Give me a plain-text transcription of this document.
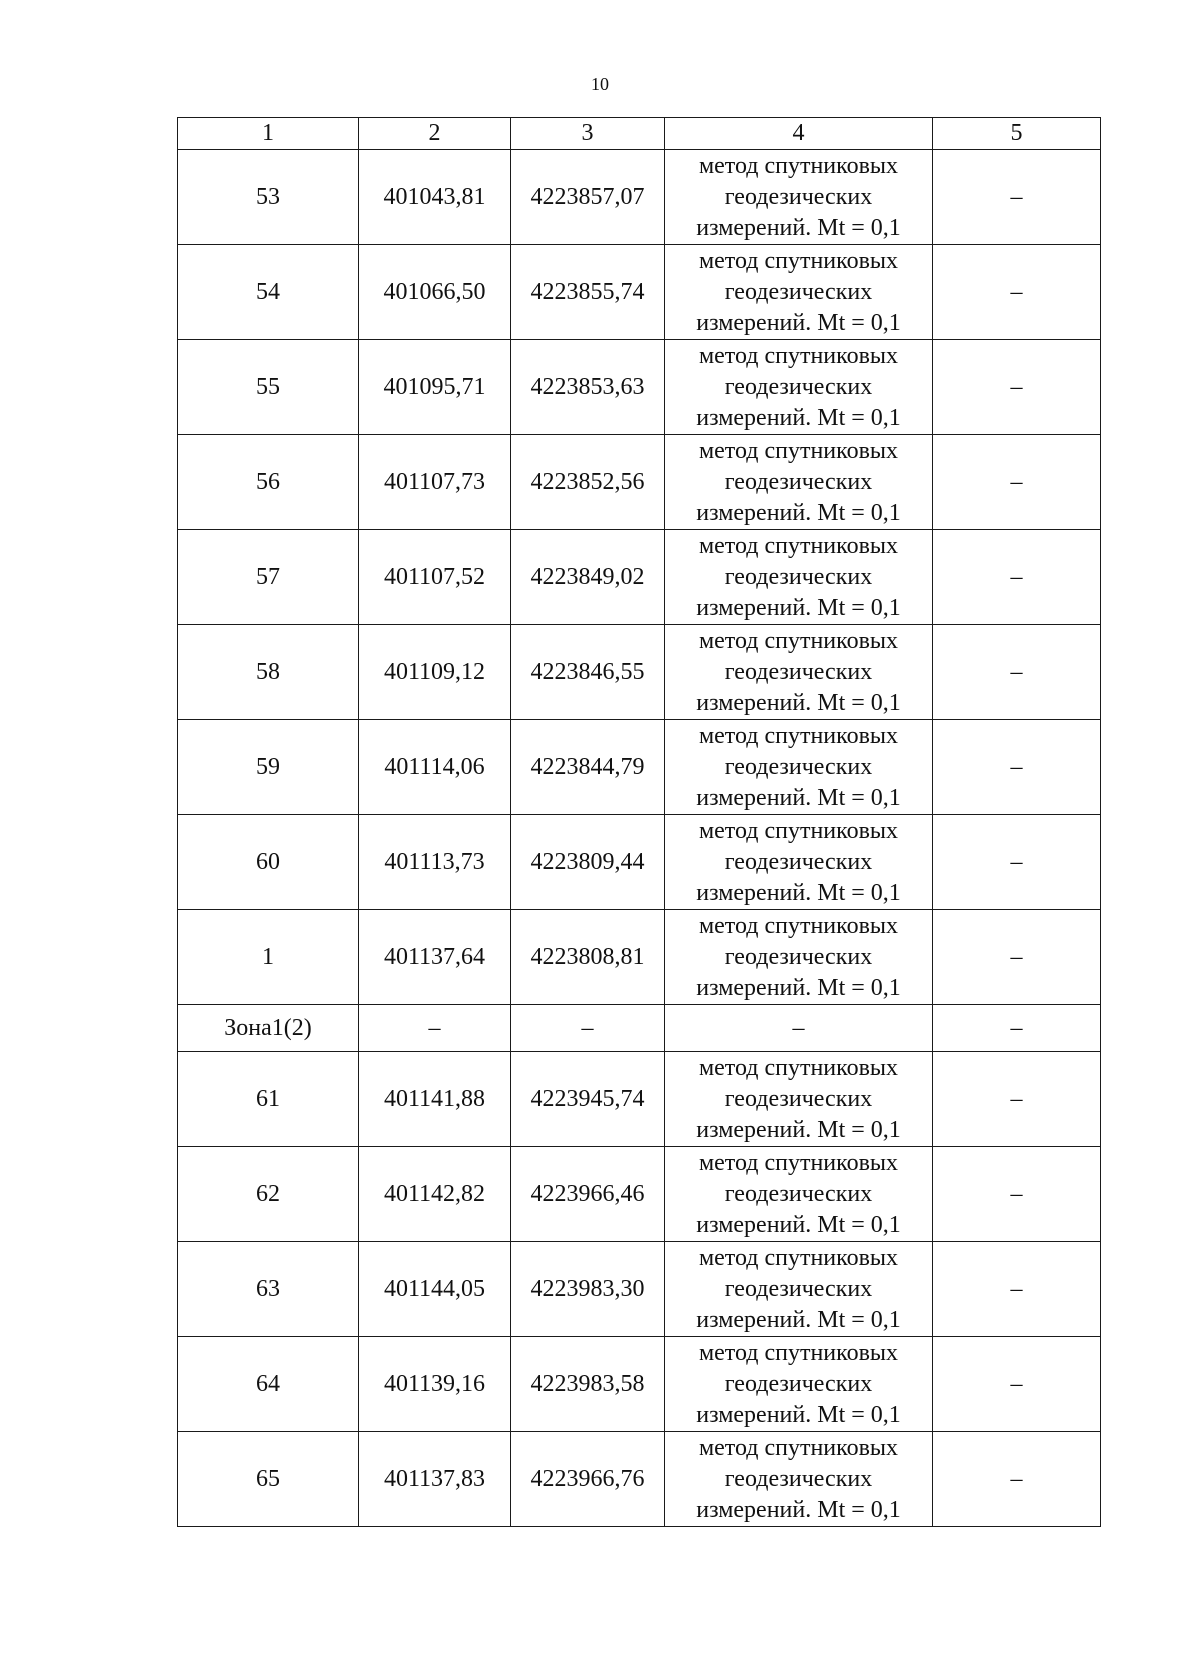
10
1	2	3	4	5
53	401043,81	4223857,07	метод спутниковых геодезических измерений. Mt = 0,1	–
54	401066,50	4223855,74	метод спутниковых геодезических измерений. Mt = 0,1	–
55	401095,71	4223853,63	метод спутниковых геодезических измерений. Mt = 0,1	–
56	401107,73	4223852,56	метод спутниковых геодезических измерений. Mt = 0,1	–
57	401107,52	4223849,02	метод спутниковых геодезических измерений. Mt = 0,1	–
58	401109,12	4223846,55	метод спутниковых геодезических измерений. Mt = 0,1	–
59	401114,06	4223844,79	метод спутниковых геодезических измерений. Mt = 0,1	–
60	401113,73	4223809,44	метод спутниковых геодезических измерений. Mt = 0,1	–
1	401137,64	4223808,81	метод спутниковых геодезических измерений. Mt = 0,1	–
Зона1(2)	–	–	–	–
61	401141,88	4223945,74	метод спутниковых геодезических измерений. Mt = 0,1	–
62	401142,82	4223966,46	метод спутниковых геодезических измерений. Mt = 0,1	–
63	401144,05	4223983,30	метод спутниковых геодезических измерений. Mt = 0,1	–
64	401139,16	4223983,58	метод спутниковых геодезических измерений. Mt = 0,1	–
65	401137,83	4223966,76	метод спутниковых геодезических измерений. Mt = 0,1	–
